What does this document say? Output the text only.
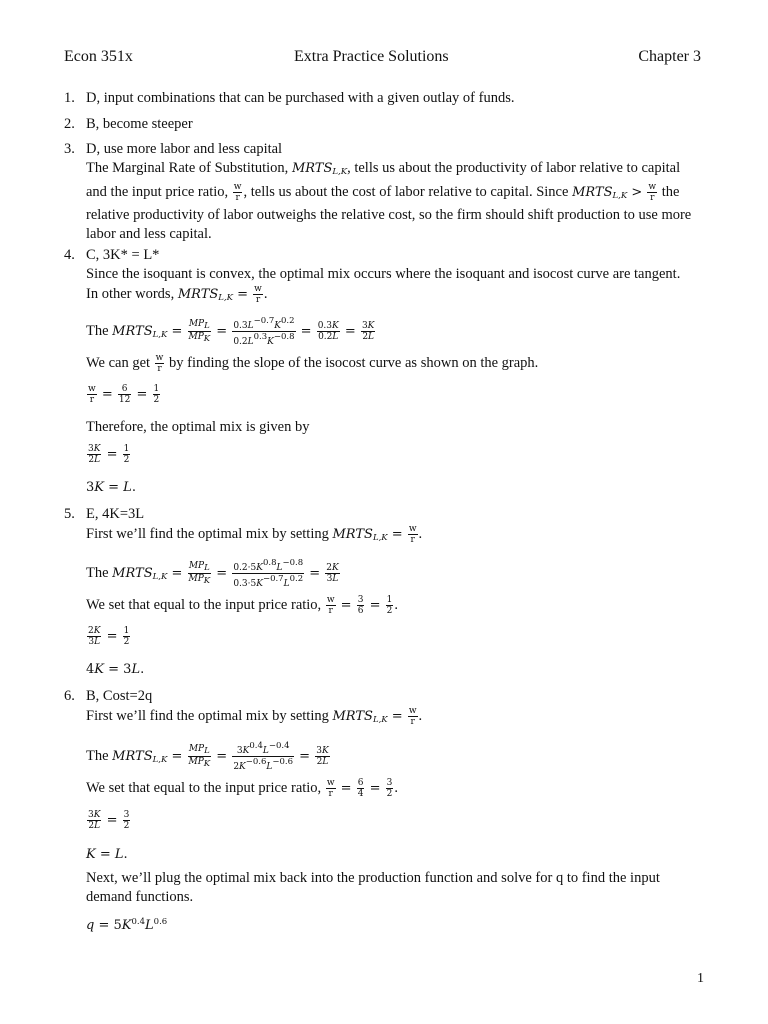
Econ 351x	Extra Practice Solutions	Chapter 3
1. D, input combinations that can be purchased with a given outlay of funds.
2. B, become steeper
3. D, use more labor and less capital
The Marginal Rate of Substitution, $MRTS_{L,K}$, tells us about the productivity of labor relative to capital
and the input price ratio, $\frac{w}{r}$ , tells us about the cost of labor relative to capital. Since $MRTS_{L,K} > \frac{w}{r}$ the
relative productivity of labor outweighs the relative cost, so the firm should shift production to use more labor and less capital.
4. C, 3K* = L*
Since the isoquant is convex, the optimal mix occurs where the isoquant and isocost curve are tangent.
In other words, $MRTS_{L,K} = \frac{w}{r}$ .
The $MRTS_{L,K} = \frac{MP_L}{MP_K} = \frac{0.3L^{-0.7}K^{0.2}}{0.2L^{0.3}K^{-0.8}} = \frac{0.3K}{0.2L} = \frac{3K}{2L}$
We can get $\frac{w}{r}$ by finding the slope of the isocost curve as shown on the graph.
$\frac{w}{r} = \frac{6}{12} = \frac{1}{2}$
Therefore, the optimal mix is given by
$\frac{3K}{2L} = \frac{1}{2}$
3K = L.
5. E, 4K=3L
First we’ll find the optimal mix by setting $MRTS_{L,K} = \frac{w}{r}$ .
The $MRTS_{L,K} = \frac{MP_L}{MP_K} = \frac{0.2\cdot 5K^{0.8}L^{-0.8}}{0.3\cdot 5K^{-0.7}L^{0.2}} = \frac{2K}{3L}$
We set that equal to the input price ratio, $\frac{w}{r} = \frac{3}{6} = \frac{1}{2}$ .
$\frac{2K}{3L} = \frac{1}{2}$
4K = 3L.
6. B, Cost=2q
First we’ll find the optimal mix by setting $MRTS_{L,K} = \frac{w}{r}$ .
The $MRTS_{L,K} = \frac{MP_L}{MP_K} = \frac{3K^{0.4}L^{-0.4}}{2K^{-0.6}L^{-0.6}} = \frac{3K}{2L}$
We set that equal to the input price ratio, $\frac{w}{r} = \frac{6}{4} = \frac{3}{2}$ .
$\frac{3K}{2L} = \frac{3}{2}$
K = L.
Next, we’ll plug the optimal mix back into the production function and solve for q to find the input demand functions.
$q = 5K^{0.4}L^{0.6}$
1
